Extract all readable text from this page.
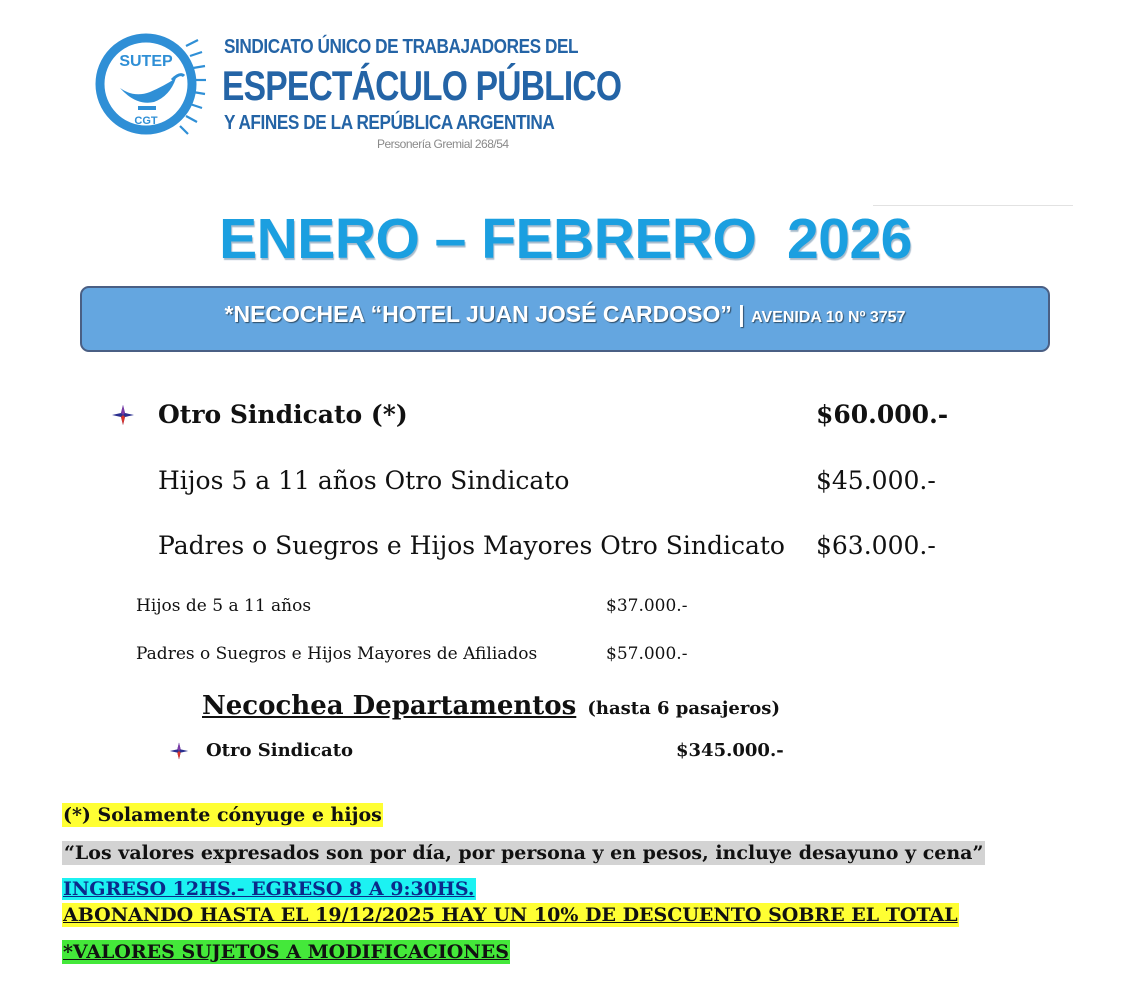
SUTEP
CGT
SINDICATO ÚNICO DE TRABAJADORES DEL
ESPECTÁCULO PÚBLICO
Y AFINES DE LA REPÚBLICA ARGENTINA
Personería Gremial 268/54
ENERO – FEBRERO  2026
*NECOCHEA “HOTEL JUAN JOSÉ CARDOSO” | AVENIDA 10 Nº 3757
Otro Sindicato (*)	$60.000.-
Hijos 5 a 11 años Otro Sindicato	$45.000.-
Padres o Suegros e Hijos Mayores Otro Sindicato $63.000.-
Hijos de 5 a 11 años	$37.000.-
Padres o Suegros e Hijos Mayores de Afiliados	$57.000.-
Necochea Departamentos (hasta 6 pasajeros)
Otro Sindicato	$345.000.-
(*) Solamente cónyuge e hijos
“Los valores expresados son por día, por persona y en pesos, incluye desayuno y cena”
INGRESO 12HS.- EGRESO 8 A 9:30HS.
ABONANDO HASTA EL 19/12/2025 HAY UN 10% DE DESCUENTO SOBRE EL TOTAL
*VALORES SUJETOS A MODIFICACIONES
